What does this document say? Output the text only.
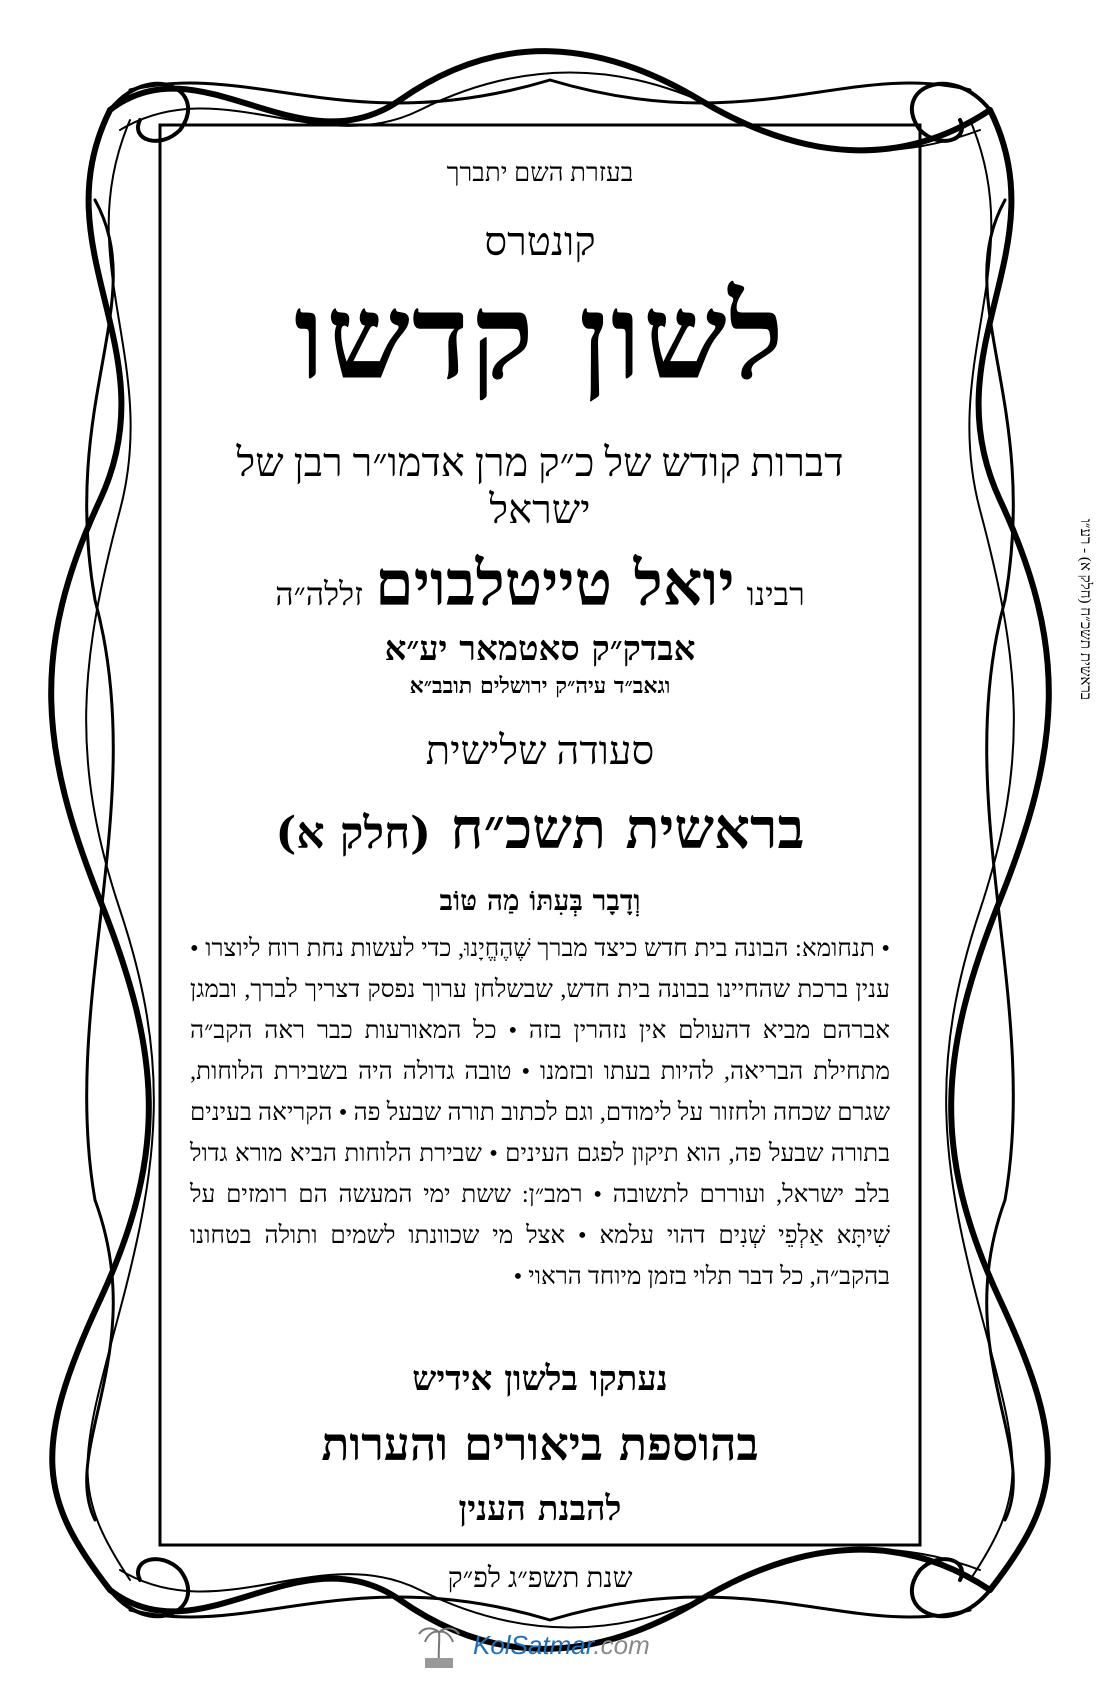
בעזרת השם יתברך
קונטרס
לשון קדשו
דברות קודש של כ״ק מרן אדמו״ר רבן של ישראל
רבינו יואל טייטלבוים זללה״ה
אבדק״ק סאטמאר יע״א
וגאב״ד עיה״ק ירושלים תובב״א
סעודה שלישית
בראשית תשכ״ח (חלק א)
וְדָבָר בְּעִתּוֹ מַה טּוֹב
• תנחומא: הבונה בית חדש כיצד מברך שֶׁהֶחֱיָנוּ, כדי לעשות נחת רוח ליוצרו • ענין ברכת שהחיינו בבונה בית חדש, שבשלחן ערוך נפסק דצריך לברך, ובמגן אברהם מביא דהעולם אין נזהרין בזה • כל המאורעות כבר ראה הקב״ה מתחילת הבריאה, להיות בעתו ובזמנו • טובה גדולה היה בשבירת הלוחות, שגרם שכחה ולחזור על לימודם, וגם לכתוב תורה שבעל פה • הקריאה בעינים בתורה שבעל פה, הוא תיקון לפגם העינים • שבירת הלוחות הביא מורא גדול בלב ישראל, ועוררם לתשובה • רמב״ן: ששת ימי המעשה הם רומזים על שִׁיתָּא אַלְפֵי שְׁנִים דהוי עלמא • אצל מי שכוונתו לשמים ותולה בטחונו בהקב״ה, כל דבר תלוי בזמן מיוחד הראוי •
נעתקו בלשון אידיש
בהוספת ביאורים והערות
להבנת הענין
שנת תשפ״ג לפ״ק
בראשית תשכ״ח (חלק א) - רע״ו
KolSatmar.com
